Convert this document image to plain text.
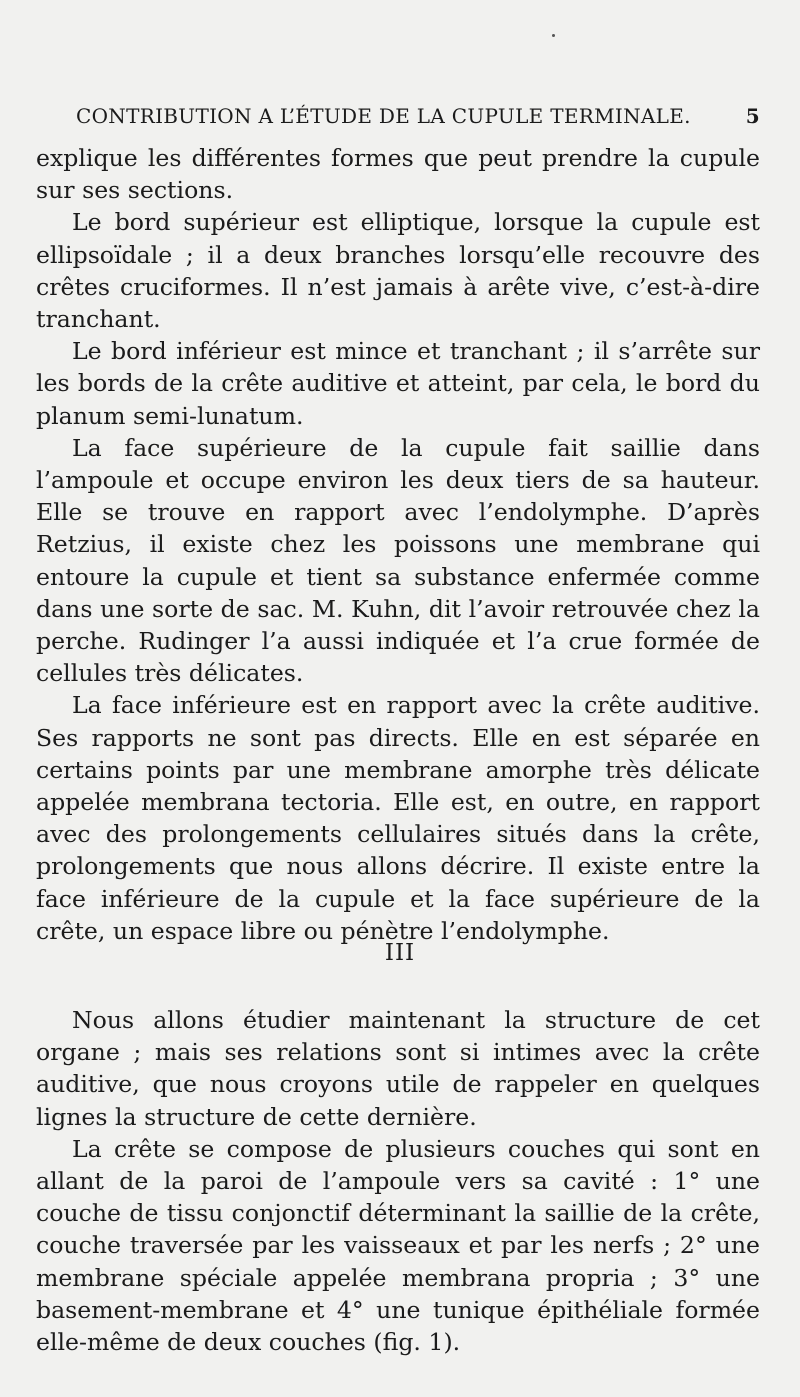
CONTRIBUTION A L’ÉTUDE DE LA CUPULE TERMINALE.	5

explique les différentes formes que peut prendre la cupule sur ses sections.

Le bord supérieur est elliptique, lorsque la cupule est ellipsoïdale ; il a deux branches lorsqu’elle recouvre des crêtes cruciformes. Il n’est jamais à arête vive, c’est-à-dire tranchant.

Le bord inférieur est mince et tranchant ; il s’arrête sur les bords de la crête auditive et atteint, par cela, le bord du planum semi-lunatum.

La face supérieure de la cupule fait saillie dans l’ampoule et occupe environ les deux tiers de sa hauteur. Elle se trouve en rapport avec l’endolymphe. D’après Retzius, il existe chez les poissons une membrane qui entoure la cupule et tient sa substance enfermée comme dans une sorte de sac. M. Kuhn, dit l’avoir retrouvée chez la perche. Rudinger l’a aussi indiquée et l’a crue formée de cellules très délicates.

La face inférieure est en rapport avec la crête auditive. Ses rapports ne sont pas directs. Elle en est séparée en certains points par une membrane amorphe très délicate appelée membrana tectoria. Elle est, en outre, en rapport avec des prolongements cellulaires situés dans la crête, prolongements que nous allons décrire. Il existe entre la face inférieure de la cupule et la face supérieure de la crête, un espace libre ou pénètre l’endolymphe.

III

Nous allons étudier maintenant la structure de cet organe ; mais ses relations sont si intimes avec la crête auditive, que nous croyons utile de rappeler en quelques lignes la structure de cette dernière.

La crête se compose de plusieurs couches qui sont en allant de la paroi de l’ampoule vers sa cavité : 1° une couche de tissu conjonctif déterminant la saillie de la crête, couche traversée par les vaisseaux et par les nerfs ; 2° une membrane spéciale appelée membrana propria ; 3° une basement-membrane et 4° une tunique épithéliale formée elle-même de deux couches (fig. 1).
